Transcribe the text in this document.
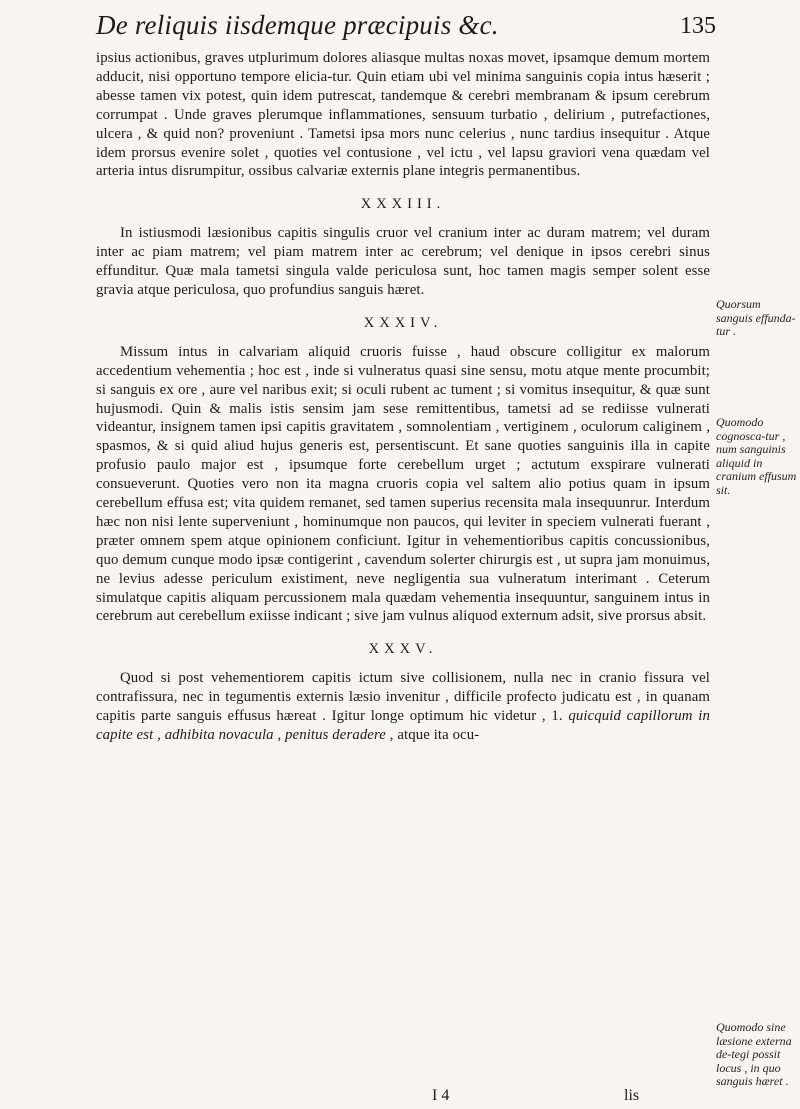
De reliquis iisdemque præcipuis &c.	135

ipsius actionibus, graves utplurimum dolores aliasque multas noxas movet, ipsamque demum mortem adducit, nisi opportuno tempore elicia-tur. Quin etiam ubi vel minima sanguinis copia intus hæserit ; abesse tamen vix potest, quin idem putrescat, tandemque & cerebri membranam & ipsum cerebrum corrumpat . Unde graves plerumque inflammationes, sensuum turbatio , delirium , putrefactiones, ulcera , & quid non? proveniunt . Tametsi ipsa mors nunc celerius , nunc tardius insequitur . Atque idem prorsus evenire solet , quoties vel contusione , vel ictu , vel lapsu graviori vena quædam vel arteria intus disrumpitur, ossibus calvariæ externis plane integris permanentibus.

XXXIII.

In istiusmodi læsionibus capitis singulis cruor vel cranium inter ac duram matrem; vel duram inter ac piam matrem; vel piam matrem inter ac cerebrum; vel denique in ipsos cerebri sinus effunditur. Quæ mala tametsi singula valde periculosa sunt, hoc tamen magis semper solent esse gravia atque periculosa, quo profundius sanguis hæret.

XXXIV.

Missum intus in calvariam aliquid cruoris fuisse , haud obscure colligitur ex malorum accedentium vehementia ; hoc est , inde si vulneratus quasi sine sensu, motu atque mente procumbit; si sanguis ex ore , aure vel naribus exit; si oculi rubent ac tument ; si vomitus insequitur, & quæ sunt hujusmodi. Quin & malis istis sensim jam sese remittentibus, tametsi ad se rediisse vulnerati videantur, insignem tamen ipsi capitis gravitatem , somnolentiam , vertiginem , oculorum caliginem , spasmos, & si quid aliud hujus generis est, persentiscunt. Et sane quoties sanguinis illa in capite profusio paulo major est , ipsumque forte cerebellum urget ; actutum exspirare vulnerati consueverunt. Quoties vero non ita magna cruoris copia vel saltem alio potius quam in ipsum cerebellum effusa est; vita quidem remanet, sed tamen superius recensita mala insequunrur. Interdum hæc non nisi lente superveniunt , hominumque non paucos, qui leviter in speciem vulnerati fuerant , præter omnem spem atque opinionem conficiunt. Igitur in vehementioribus capitis concussionibus, quo demum cunque modo ipsæ contigerint , cavendum solerter chirurgis est , ut supra jam monuimus, ne levius adesse periculum existiment, neve negligentia sua vulneratum interimant . Ceterum simulatque capitis aliquam percussionem mala quædam vehementia insequuntur, sanguinem intus in cerebrum aut cerebellum exiisse indicant ; sive jam vulnus aliquod externum adsit, sive prorsus absit.

XXXV.

Quod si post vehementiorem capitis ictum sive collisionem, nulla nec in cranio fissura vel contrafissura, nec in tegumentis externis læsio invenitur , difficile profecto judicatu est , in quanam capitis parte sanguis effusus hæreat . Igitur longe optimum hic videtur , 1. quicquid capillorum in capite est , adhibita novacula , penitus deradere , atque ita ocu-

Quorsum sanguis effunda-tur .
Quomodo cognosca-tur , num sanguinis aliquid in cranium effusum sit.
Quomodo sine læsione externa de-tegi possit locus , in quo sanguis hæret .
I 4	lis
